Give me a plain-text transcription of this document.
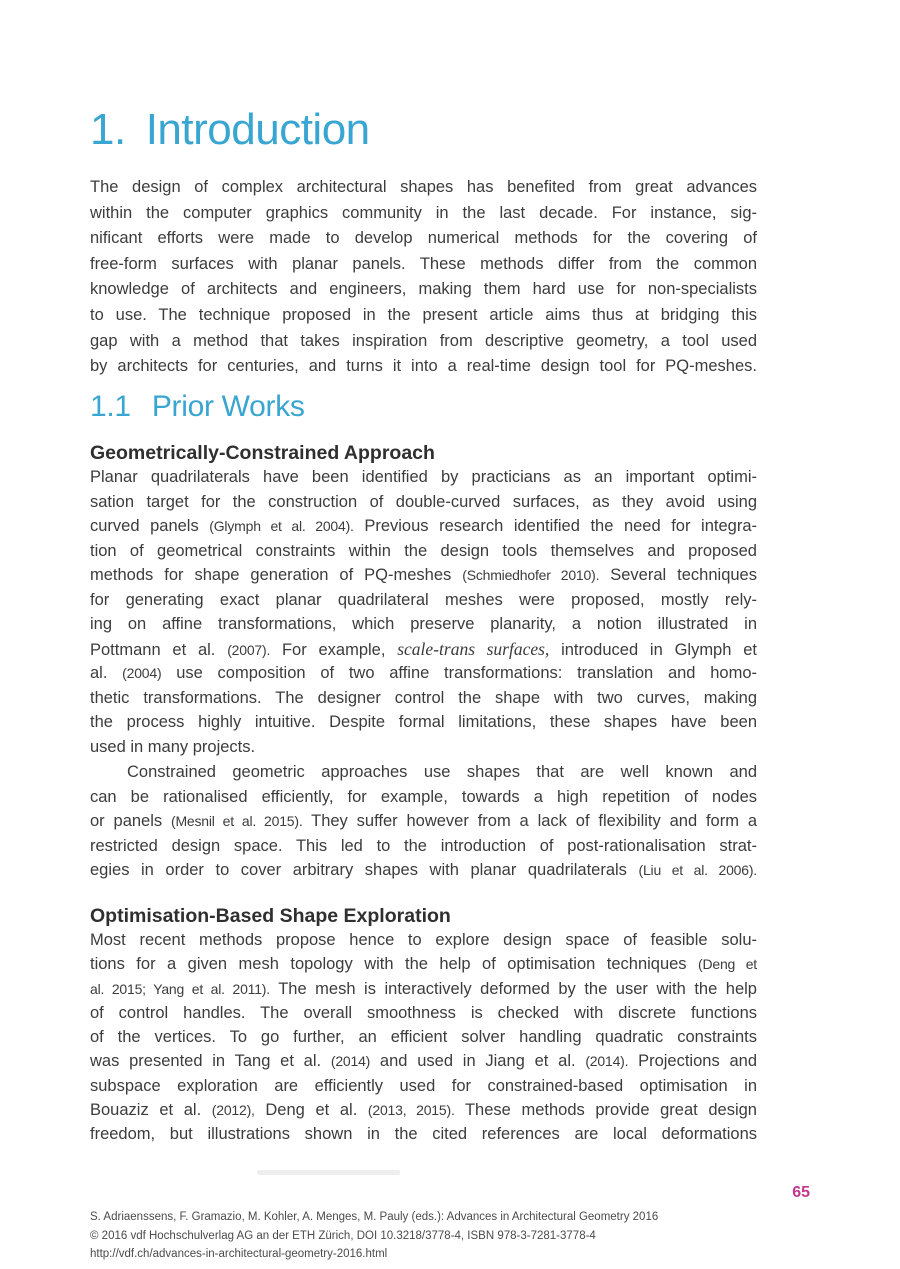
1. Introduction
The design of complex architectural shapes has benefited from great advances
within the computer graphics community in the last decade. For instance, sig-
nificant efforts were made to develop numerical methods for the covering of
free-form surfaces with planar panels. These methods differ from the common
knowledge of architects and engineers, making them hard use for non-specialists
to use. The technique proposed in the present article aims thus at bridging this
gap with a method that takes inspiration from descriptive geometry, a tool used
by architects for centuries, and turns it into a real-time design tool for PQ-meshes.
1.1 Prior Works
Geometrically-Constrained Approach
Planar quadrilaterals have been identified by practicians as an important optimi-
sation target for the construction of double-curved surfaces, as they avoid using
curved panels (Glymph et al. 2004). Previous research identified the need for integra-
tion of geometrical constraints within the design tools themselves and proposed
methods for shape generation of PQ-meshes (Schmiedhofer 2010). Several techniques
for generating exact planar quadrilateral meshes were proposed, mostly rely-
ing on affine transformations, which preserve planarity, a notion illustrated in
Pottmann et al. (2007). For example, scale-trans surfaces, introduced in Glymph et
al. (2004) use composition of two affine transformations: translation and homo-
thetic transformations. The designer control the shape with two curves, making
the process highly intuitive. Despite formal limitations, these shapes have been
used in many projects.
Constrained geometric approaches use shapes that are well known and
can be rationalised efficiently, for example, towards a high repetition of nodes
or panels (Mesnil et al. 2015). They suffer however from a lack of flexibility and form a
restricted design space. This led to the introduction of post-rationalisation strat-
egies in order to cover arbitrary shapes with planar quadrilaterals (Liu et al. 2006).
Optimisation-Based Shape Exploration
Most recent methods propose hence to explore design space of feasible solu-
tions for a given mesh topology with the help of optimisation techniques (Deng et
al. 2015; Yang et al. 2011). The mesh is interactively deformed by the user with the help
of control handles. The overall smoothness is checked with discrete functions
of the vertices. To go further, an efficient solver handling quadratic constraints
was presented in Tang et al. (2014) and used in Jiang et al. (2014). Projections and
subspace exploration are efficiently used for constrained-based optimisation in
Bouaziz et al. (2012), Deng et al. (2013, 2015). These methods provide great design
freedom, but illustrations shown in the cited references are local deformations
65
S. Adriaenssens, F. Gramazio, M. Kohler, A. Menges, M. Pauly (eds.): Advances in Architectural Geometry 2016
© 2016 vdf Hochschulverlag AG an der ETH Zürich, DOI 10.3218/3778-4, ISBN 978-3-7281-3778-4
http://vdf.ch/advances-in-architectural-geometry-2016.html
